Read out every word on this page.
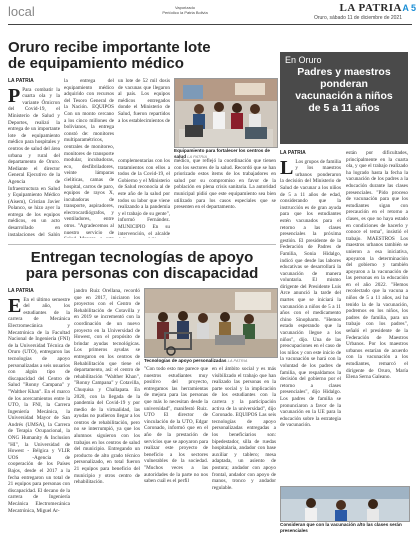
local	Vaporizado
Periódico la Patria Bolivia	LA PATRIA
Oruro, sábado 11 de diciembre de 2021
A 5
Oruro recibe importante lote
de equipamiento médico
LA PATRIA
P Para combatir la cuarta ola y la variante Ómicron del Covid-19, el Ministerio de Salud y Deportes, realizó la entrega de un importante lote de equipamiento médico para hospitales y centros de salud del área urbana y rural del departamento de Oruro. Mediante el director General Ejecutivo de la Agencia de Infraestructura en Salud y Equipamiento Médico (Aisem), Cristian Javier Polanco, se hizo ayer la entrega de los equipos médicos, en un acto desarrollado en instalaciones del Salón
la entrega del equipamiento médico adquirido con recursos del Tesoro General de la Nación. EQUIPOS Con un monto cercano a los cinco millones de bolivianos, la entrega constó de: monitores multiparamétricos, centrales de monitoreo, monitores de transporte modular, incubadoras, eco, desfibriladores, veinte lámparas cielíticas, camas de hospital, carros de paro, equipos de rayos X, incubadoras de transporte, aspiradores, electrocardiógrafos, y ventiladores, entre otros. "Agradecemos al nuestro servicio de
un lote de 52 mil dosis de vacunas que llegaron al país. Los equipos médicos entregados donde el Ministerio de Salud, fueron repartidos a los establecimientos de
Equipamiento para fortalecer los centros de salud LA PATRIA
complementarias con los tratamientos con ellos a todos de la Covid-19, el Gobierno y el Ministerio de Salud reconocía al de este año de la salud por todos su labor que viene realizando a la pandemia y el trabajo de su gente", informó Fernández. MUNICIPIO En su intervención, el alcalde
médico, que reflejó la coordinación que tienen con los sectores de la salud. Recordó que se han priorizado estos ítems de los trabajadores en salud por su compromiso en favor de la población en plena crisis sanitaria. La autoridad municipal pidió que este equipamiento sea bien utilizado para los casos especiales que se presenten en el departamento.
Entregan tecnologías de apoyo
para personas con discapacidad
LA PATRIA
E En el último semestre del año, los estudiantes de la carrera de Mecánica Electromecánica y Mecatrónica de la Facultad Nacional de Ingeniería (FNI) de la Universidad Técnica de Oruro (UTO), entregaron las tecnologías de apoyo personalizadas a seis usuarios con algún tipo de discapacidad del Centro de Salud "Ronny Campana" y "Walther Khan". En el marco de los acercamientos entre la UTO, la FNI, la Carrera Ingeniería Mecánica, la Universidad Mayor de San Andrés (UMSA), la Carrera de Terapia Ocupacional, la ONG Humanity & Inclusion "HI", la Universidad de Howest - Bélgica y VLIR UOS -Agencia de cooperación de los Países Bajos, desde el 2017 a la fecha entregaron un total de 21 equipos para personas con discapacidad. El decano de la carrera de Ingeniería Mecánica Electromecánica Mecatrónica, Miguel Ar-
jandro Ruiz Orellana, recordó que en 2017, iniciaron los proyectos con el Centro de Rehabilitación de Cotavilla y en 2019 se incrementó con la coordinación de un nuevo proyecto en la Universidad de Howest, con el propósito de brindar ayudas tecnológicas. Los primeros ayudas se entregaron en los centros de Rehabilitación que tiene el departamento, así: el centro de rehabilitación "Walther Khan", "Ronny Campana" y Cotavilla, Chuquisa y Challapata. En 2020, con la llegada de la pandemia del Covid-19 y por medio de la virtualidad, las ayudas no pudieron llegar a los centros de rehabilitación, pero no se interrumpió, ya que los alumnos siguieron con los trabajos en los centros de salud del municipio. Entregando un producto de alto grado técnico personalizado, en total fueron 21 equipos para beneficio del municipio y otros centro de rehabilitación.
Tecnologías de apoyo personalizadas LA PATRIA
"Con todo esto me parece que nuestros estudiantes muy positivo del proyecto, entregamos las herramientas de mejora para las personas que más lo necesitan desde la universidad", manifestó Ruiz. UTO El director de vinculación de la UTO, Edgar Coronado, informó que en el año de la prestación de servicios que se apoyaron para realizar este proyecto de beneficio a los sectores vulnerables de la sociedad. "Muchos veces a las autoridades de la parte no nos saben cuál es el perfil
en el ámbito social y es más visibilizado el trabajo que han realizado las personas en la parte social y la implicación de los estudiantes con la carrera y la participación activa de la universidad", dijo Coronado. EQUIPOS Las seis tecnologías de apoyo personalizadas entregadas a los beneficiarios son: bipedestador, silla de ruedas hospitalaria, andador con base auxiliar y tablero; mesa adaptada, un asiento de postura; andador con apoyo frontal, andador con apoyo de manos, tronco y andador regulable.
En Oruro
Padres y maestros
ponderan
vacunación a niños
de 5 a 11 años
LA PATRIA
L Los grupos de familia y los maestros urbanos ponderaron la decisión del Ministerio de Salud de vacunar a los niños de 5 a 11 años de edad, considerando que la instrucción es de gran ayuda para que los estudiantes estén vacunados para el retorno a las clases presenciales la próxima gestión. El presidente de la Federación de Padres de Familia, Sonia Hidalgo, indicó que desde las labores educativas se desarrollará la vacunación de manera voluntaria. El mismo dirigente del Presidente Luis Arce anunció la tarde del martes que se iniciará la vacunación a niños de 5 a 11 años con el medicamento chino Sinopharm. "Hemos estado esperando que la vacunación llegue a los niños", dijo. Una de las preocupaciones en el caso de los niños y con este inicio de la vacunación se hará con la voluntad de los padres de familia, que respaldamos la decisión del gobierno por el retorno a clases presenciales", dijo Hidalgo. Los padres de familia se pronunciaron a favor de la vacunación en la UE para la educación sobre la estrategia de vacunación.
están por dificultades, principalmente en la cuarta ola, y que el trabajo realizado ha logrado hasta la fecha la vacunación de los padres a la educación durante las clases presenciales. "Pido proceso de vacunación para que los estudiantes sigan con precaución en el retorno a clases, es que no haya estado en condiciones de hacerlo y conoce el tema", insistió el trabajo. MAESTROS Los maestros urbanos también se unieron a esa iniciativa, apoyaron la determinación del gobierno y también apoyaron a la vacunación de las personas en la educación en el año 2022. "Hemos recolectado que la vacuna a niños de 5 a 11 años, así ha tenido la de la vacunación, podremos en los niños, los padres de familia, para un trabajo con los padres", señaló el presidente de la Federación de Maestros Urbanos. Por los maestros urbanos estarían de acuerdo con la vacunación a los estudiantes, remarcó el dirigente de Oruro, María Elena Serna Galeano.
Consideran que con la vacunación a/to las clases serán presenciales
